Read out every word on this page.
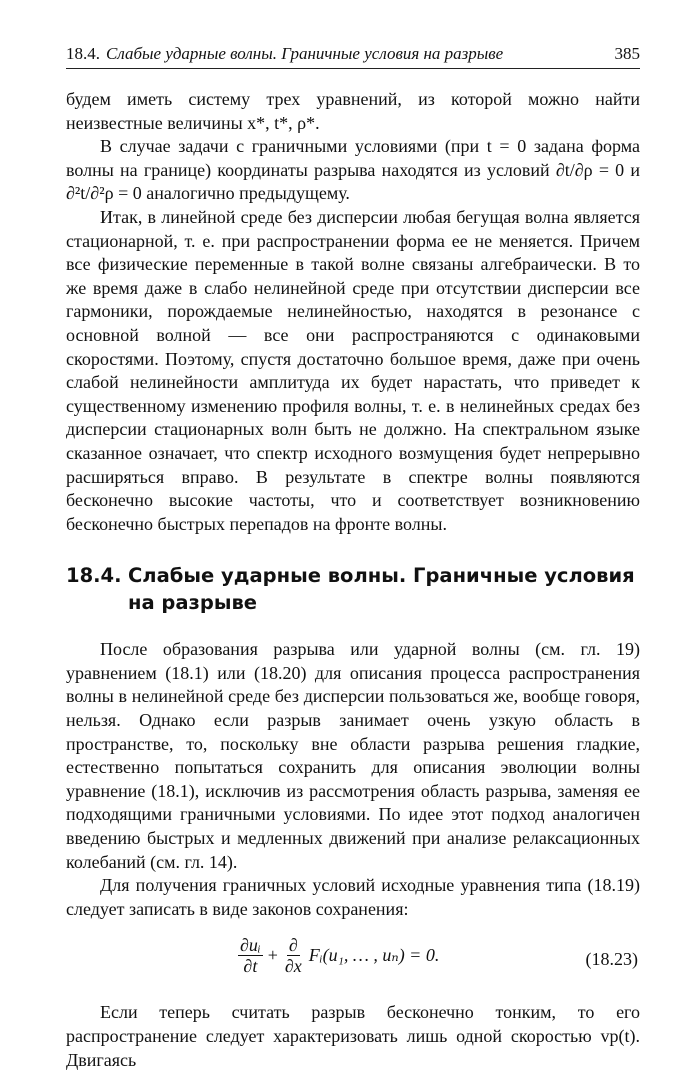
18.4. Слабые ударные волны. Граничные условия на разрыве	385

будем иметь систему трех уравнений, из которой можно найти неизвестные величины x*, t*, ρ*.

В случае задачи с граничными условиями (при t = 0 задана форма волны на границе) координаты разрыва находятся из условий ∂t/∂ρ = 0 и ∂²t/∂²ρ = 0 аналогично предыдущему.

Итак, в линейной среде без дисперсии любая бегущая волна является стационарной, т. е. при распространении форма ее не меняется. Причем все физические переменные в такой волне связаны алгебраически. В то же время даже в слабо нелинейной среде при отсутствии дисперсии все гармоники, порождаемые нелинейностью, находятся в резонансе с основной волной — все они распространяются с одинаковыми скоростями. Поэтому, спустя достаточно большое время, даже при очень слабой нелинейности амплитуда их будет нарастать, что приведет к существенному изменению профиля волны, т. е. в нелинейных средах без дисперсии стационарных волн быть не должно. На спектральном языке сказанное означает, что спектр исходного возмущения будет непрерывно расширяться вправо. В результате в спектре волны появляются бесконечно высокие частоты, что и соответствует возникновению бесконечно быстрых перепадов на фронте волны.

18.4. Слабые ударные волны. Граничные условия на разрыве

После образования разрыва или ударной волны (см. гл. 19) уравнением (18.1) или (18.20) для описания процесса распространения волны в нелинейной среде без дисперсии пользоваться же, вообще говоря, нельзя. Однако если разрыв занимает очень узкую область в пространстве, то, поскольку вне области разрыва решения гладкие, естественно попытаться сохранить для описания эволюции волны уравнение (18.1), исключив из рассмотрения область разрыва, заменяя ее подходящими граничными условиями. По идее этот подход аналогичен введению быстрых и медленных движений при анализе релаксационных колебаний (см. гл. 14).

Для получения граничных условий исходные уравнения типа (18.19) следует записать в виде законов сохранения:

$\frac{\text{∂uᵢ}}{\partial t} + \frac{\partial}{\partial x}$ Fᵢ(u₁, … , uₙ) = 0.	(18.23)

Если теперь считать разрыв бесконечно тонким, то его распространение следует характеризовать лишь одной скоростью vр(t). Двигаясь
